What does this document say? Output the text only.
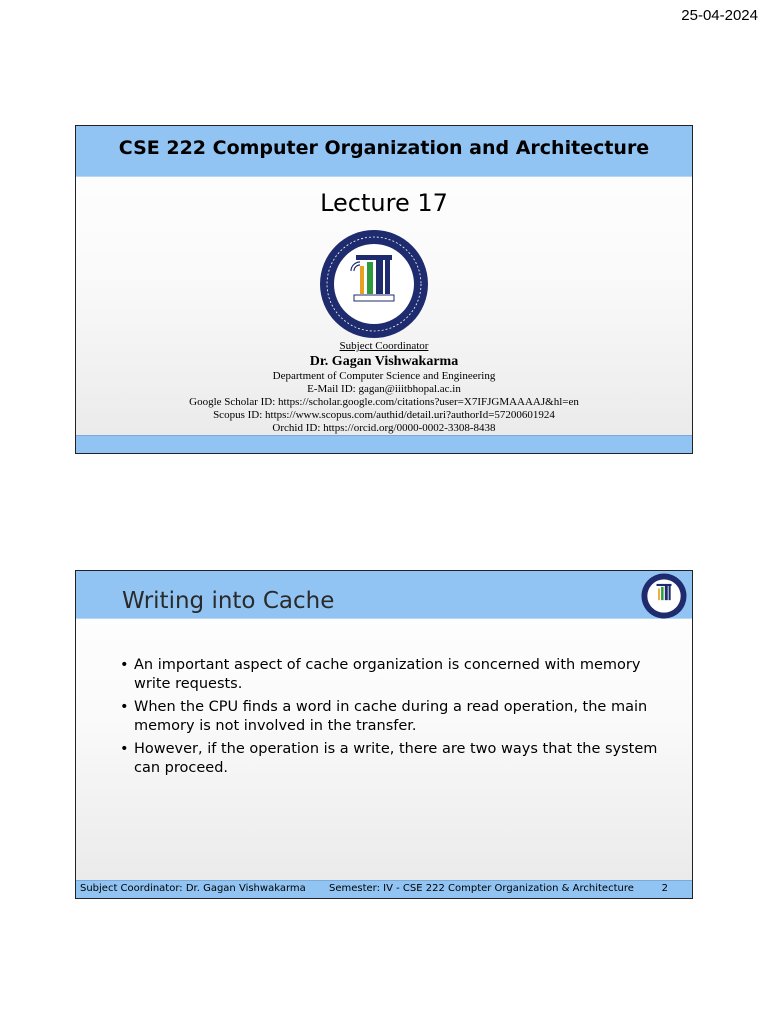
25-04-2024
CSE 222 Computer Organization and Architecture
Lecture 17
Subject Coordinator
Dr. Gagan Vishwakarma
Department of Computer Science and Engineering
E-Mail ID: gagan@iiitbhopal.ac.in
Google Scholar ID: https://scholar.google.com/citations?user=X7IFJGMAAAAJ&hl=en
Scopus ID: https://www.scopus.com/authid/detail.uri?authorId=57200601924
Orchid ID: https://orcid.org/0000-0002-3308-8438
Writing into Cache
• An important aspect of cache organization is concerned with memory write requests.
• When the CPU finds a word in cache during a read operation, the main memory is not involved in the transfer.
• However, if the operation is a write, there are two ways that the system can proceed.
Subject Coordinator: Dr. Gagan Vishwakarma Semester: IV - CSE 222 Compter Organization & Architecture	2
